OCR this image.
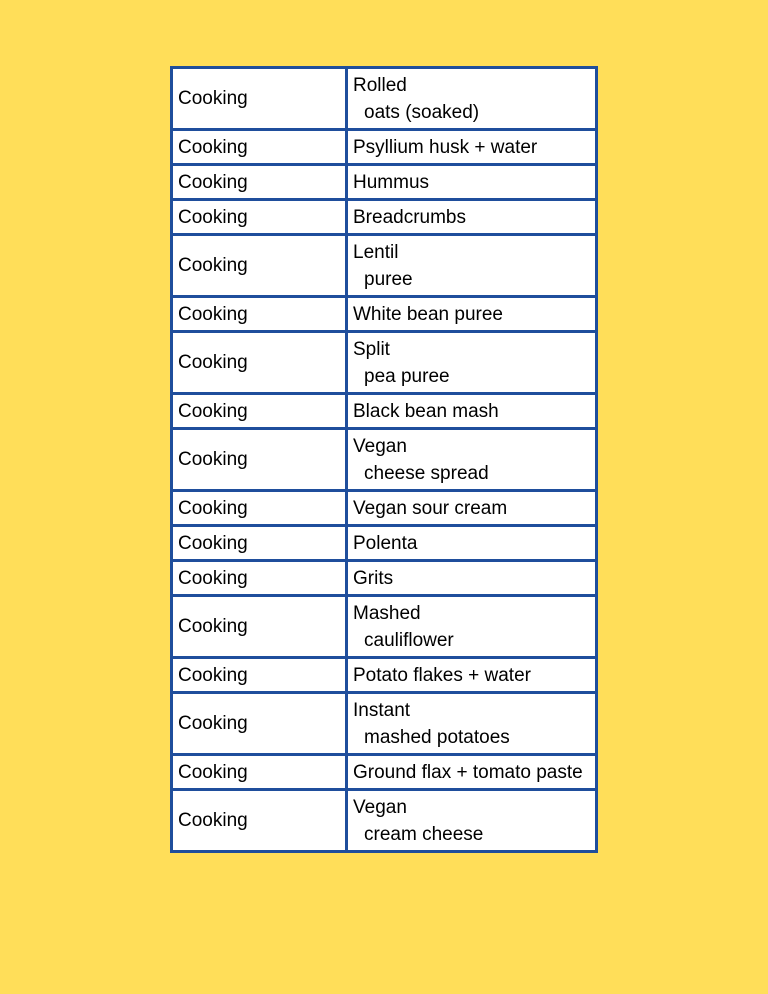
Cooking	Rolled
oats (soaked)

Cooking	Psyllium husk + water

Cooking	Hummus

Cooking	Breadcrumbs

Cooking	Lentil
puree

Cooking	White bean puree

Cooking	Split
pea puree

Cooking	Black bean mash

Cooking	Vegan
cheese spread

Cooking	Vegan sour cream

Cooking	Polenta

Cooking	Grits

Cooking	Mashed
cauliflower

Cooking	Potato flakes + water

Cooking	Instant
mashed potatoes

Cooking	Ground flax + tomato paste

Cooking	Vegan
cream cheese
